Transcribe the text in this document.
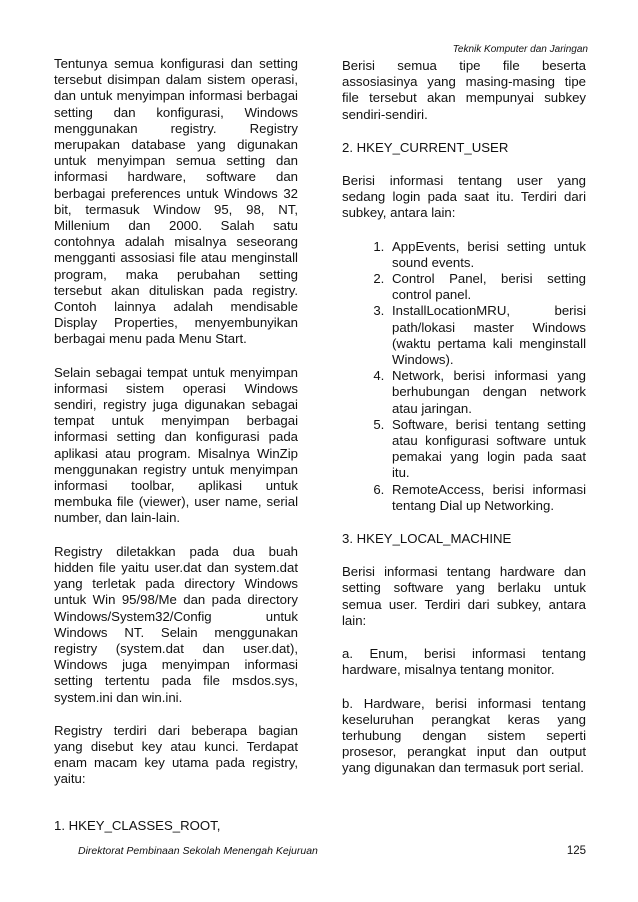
Teknik Komputer dan Jaringan

Tentunya semua konfigurasi dan setting tersebut disimpan dalam sistem operasi, dan untuk menyimpan informasi berbagai setting dan konfigurasi, Windows menggunakan registry. Registry merupakan database yang digunakan untuk menyimpan semua setting dan informasi hardware, software dan berbagai preferences untuk Windows 32 bit, termasuk Window 95, 98, NT, Millenium dan 2000. Salah satu contohnya adalah misalnya seseorang mengganti assosiasi file atau menginstall program, maka perubahan setting tersebut akan dituliskan pada registry. Contoh lainnya adalah mendisable Display Properties, menyembunyikan berbagai menu pada Menu Start.

Selain sebagai tempat untuk menyimpan informasi sistem operasi Windows sendiri, registry juga digunakan sebagai tempat untuk menyimpan berbagai informasi setting dan konfigurasi pada aplikasi atau program. Misalnya WinZip menggunakan registry untuk menyimpan informasi toolbar, aplikasi untuk membuka file (viewer), user name, serial number, dan lain-lain.

Registry diletakkan pada dua buah hidden file yaitu user.dat dan system.dat yang terletak pada directory Windows untuk Win 95/98/Me dan pada directory Windows/System32/Config untuk Windows NT. Selain menggunakan registry (system.dat dan user.dat), Windows juga menyimpan informasi setting tertentu pada file msdos.sys, system.ini dan win.ini.

Registry terdiri dari beberapa bagian yang disebut key atau kunci. Terdapat enam macam key utama pada registry, yaitu:

1. HKEY_CLASSES_ROOT,

Berisi semua tipe file beserta assosiasinya yang masing-masing tipe file tersebut akan mempunyai subkey sendiri-sendiri.

2. HKEY_CURRENT_USER

Berisi informasi tentang user yang sedang login pada saat itu. Terdiri dari subkey, antara lain:

1. AppEvents, berisi setting untuk sound events.
2. Control Panel, berisi setting control panel.
3. InstallLocationMRU, berisi path/lokasi master Windows (waktu pertama kali menginstall Windows).
4. Network, berisi informasi yang berhubungan dengan network atau jaringan.
5. Software, berisi tentang setting atau konfigurasi software untuk pemakai yang login pada saat itu.
6. RemoteAccess, berisi informasi tentang Dial up Networking.

3. HKEY_LOCAL_MACHINE

Berisi informasi tentang hardware dan setting software yang berlaku untuk semua user. Terdiri dari subkey, antara lain:

a. Enum, berisi informasi tentang hardware, misalnya tentang monitor.

b. Hardware, berisi informasi tentang keseluruhan perangkat keras yang terhubung dengan sistem seperti prosesor, perangkat input dan output yang digunakan dan termasuk port serial.

Direktorat Pembinaan Sekolah Menengah Kejuruan	125
